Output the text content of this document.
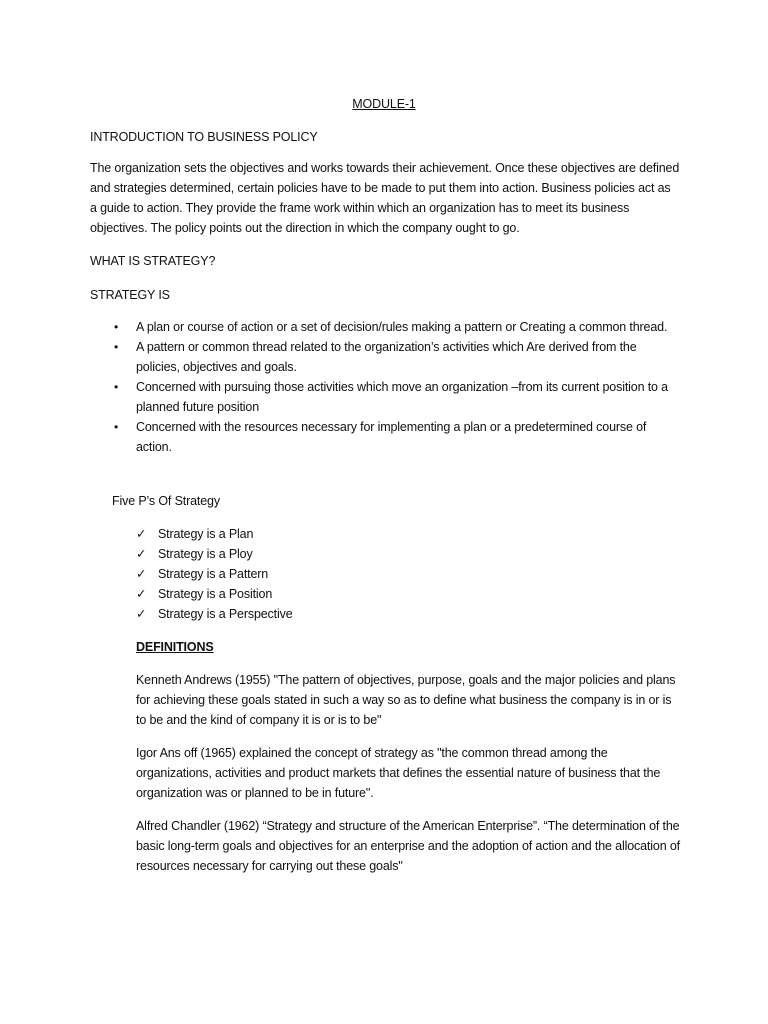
MODULE-1
INTRODUCTION TO BUSINESS POLICY

The organization sets the objectives and works towards their achievement. Once these objectives are defined and strategies determined, certain policies have to be made to put them into action. Business policies act as a guide to action. They provide the frame work within which an organization has to meet its business objectives. The policy points out the direction in which the company ought to go.

WHAT IS STRATEGY?
STRATEGY IS
• A plan or course of action or a set of decision/rules making a pattern or Creating a common thread.
• A pattern or common thread related to the organization’s activities which Are derived from the policies, objectives and goals.
• Concerned with pursuing those activities which move an organization –from its current position to a planned future position
• Concerned with the resources necessary for implementing a plan or a predetermined course of action.

Five P’s Of Strategy

✓ Strategy is a Plan
✓ Strategy is a Ploy
✓ Strategy is a Pattern
✓ Strategy is a Position
✓ Strategy is a Perspective
DEFINITIONS

Kenneth Andrews (1955) "The pattern of objectives, purpose, goals and the major policies and plans for achieving these goals stated in such a way so as to define what business the company is in or is to be and the kind of company it is or is to be"

Igor Ans off (1965) explained the concept of strategy as "the common thread among the organizations, activities and product markets that defines the essential nature of business that the organization was or planned to be in future".

Alfred Chandler (1962) “Strategy and structure of the American Enterprise”. “The determination of the basic long-term goals and objectives for an enterprise and the adoption of action and the allocation of resources necessary for carrying out these goals"
